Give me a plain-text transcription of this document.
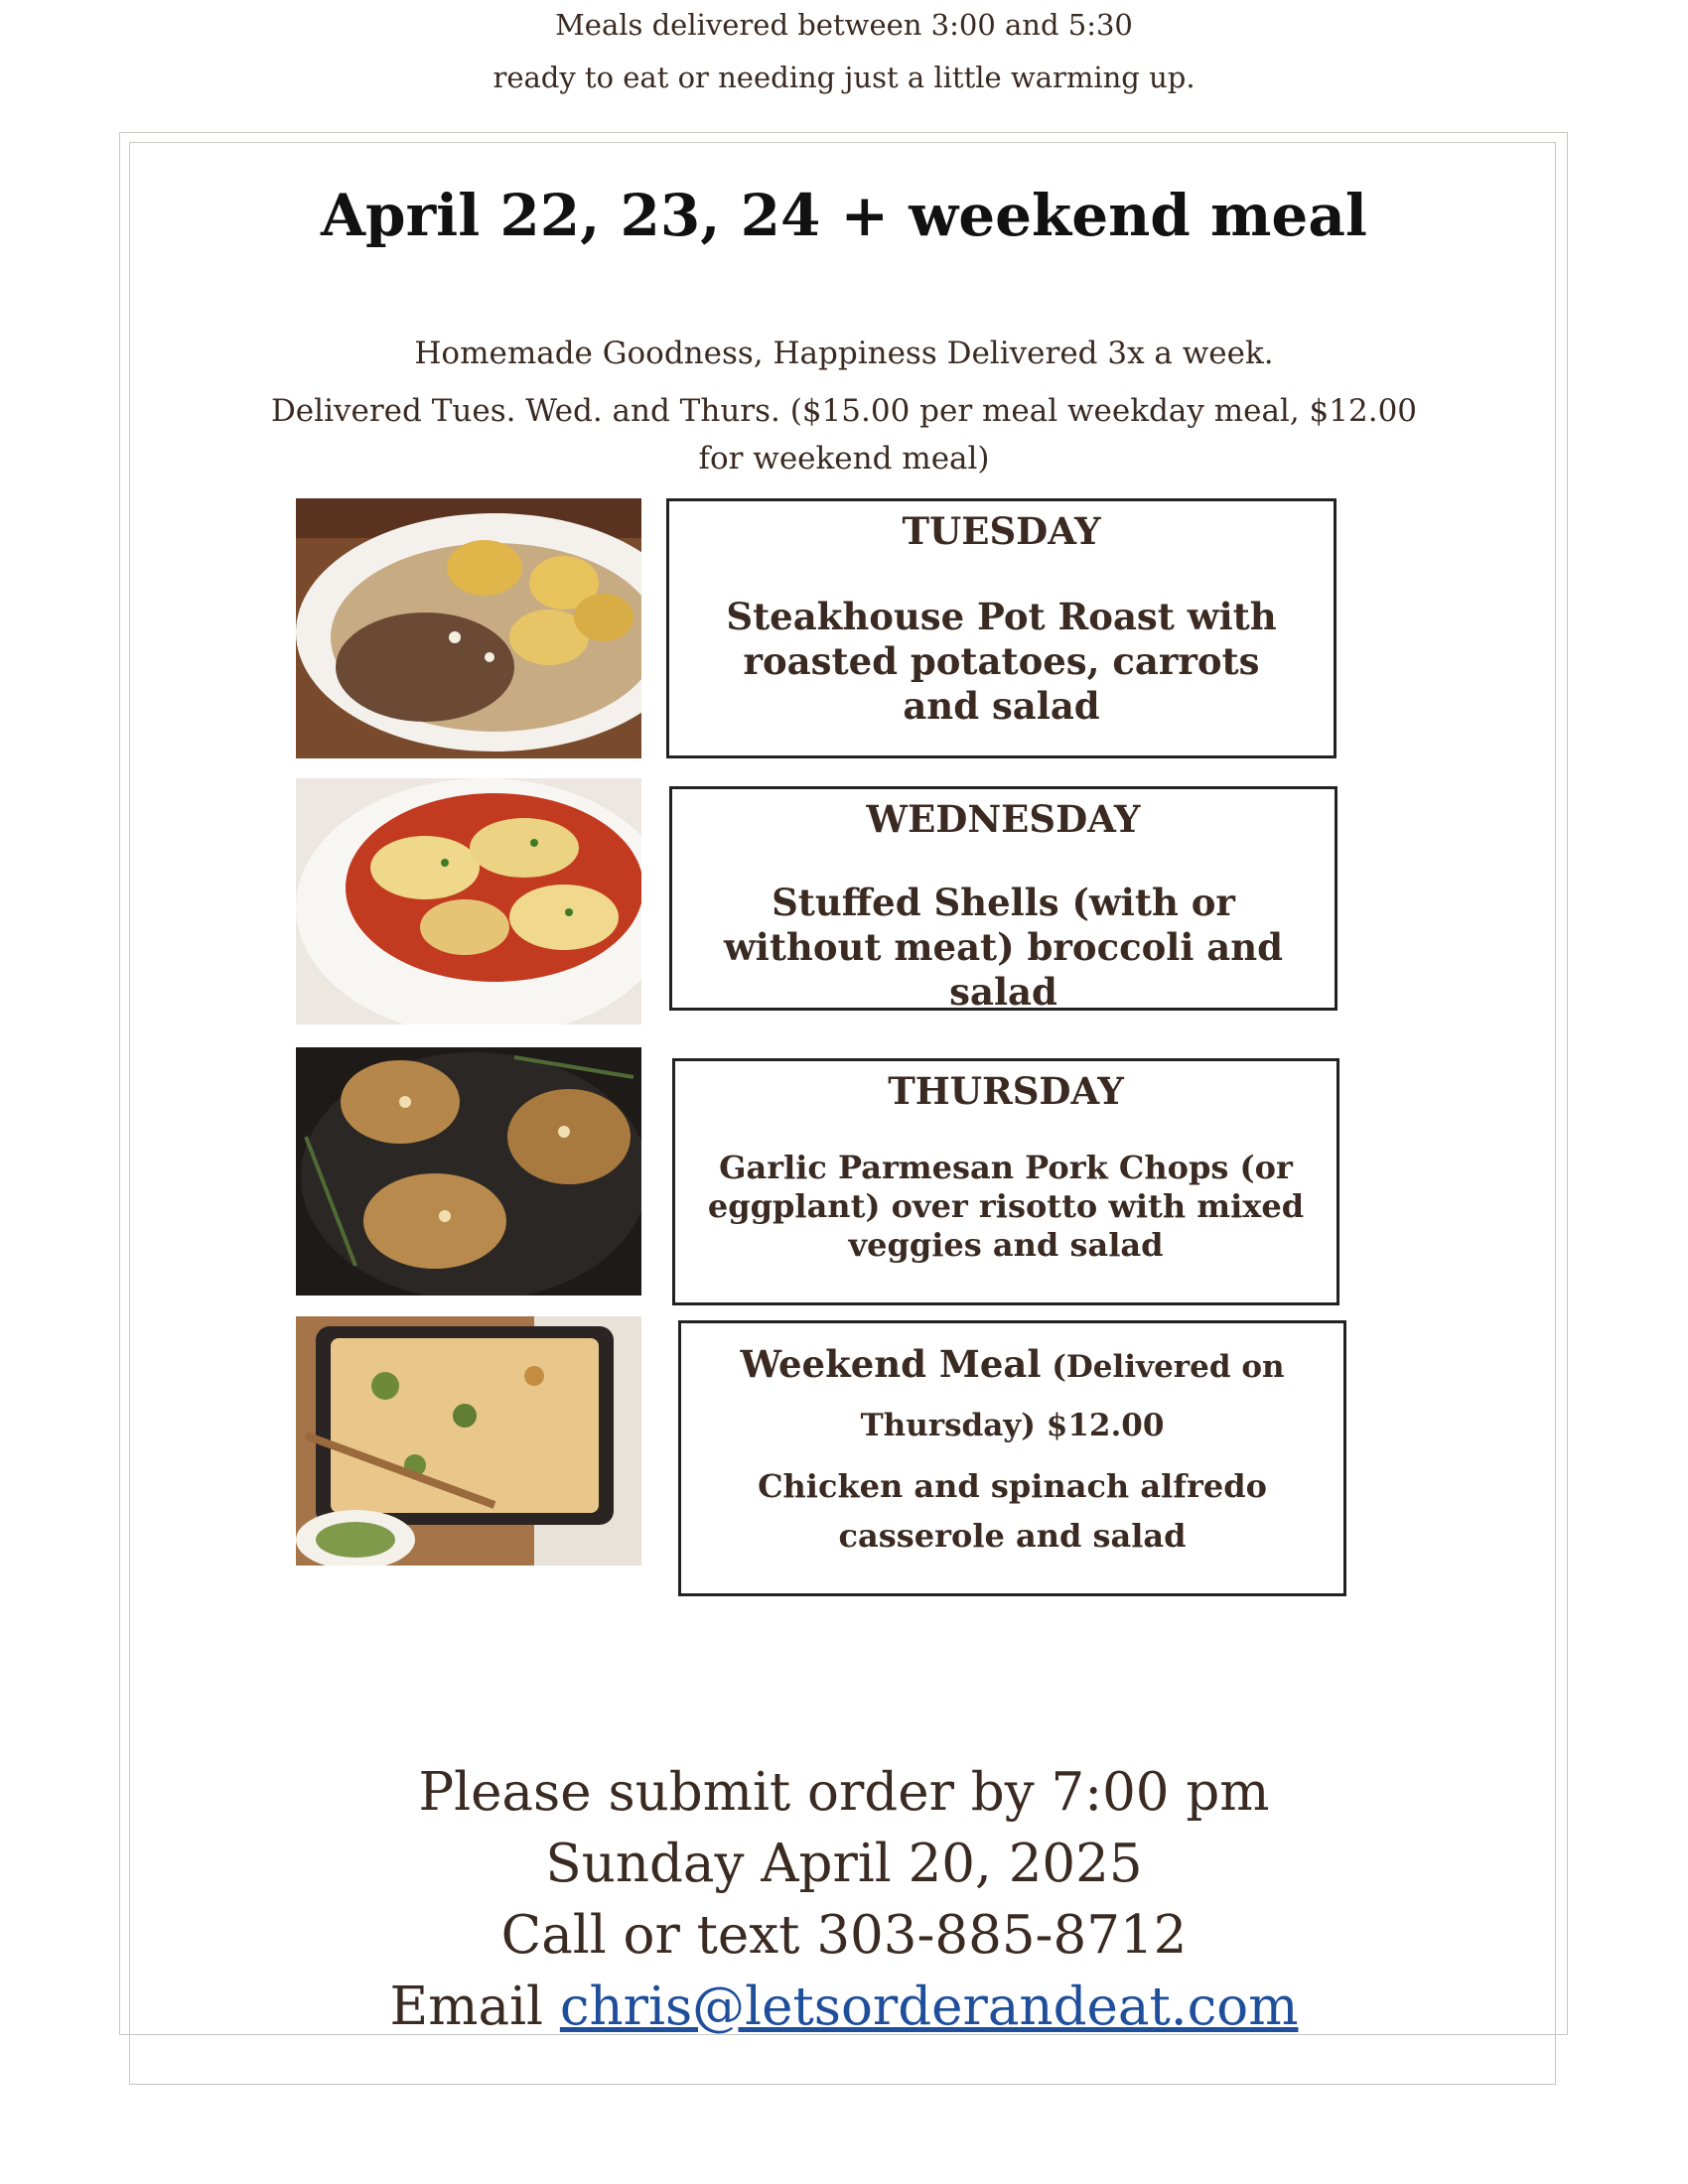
Meals delivered between 3:00 and 5:30
ready to eat or needing just a little warming up.
April 22, 23, 24 + weekend meal
Homemade Goodness, Happiness Delivered 3x a week.
Delivered Tues. Wed. and Thurs. ($15.00 per meal weekday meal, $12.00
for weekend meal)
TUESDAY
Steakhouse Pot Roast with roasted potatoes, carrots and salad
WEDNESDAY
Stuffed Shells (with or without meat) broccoli and salad
THURSDAY
Garlic Parmesan Pork Chops (or eggplant) over risotto with mixed veggies and salad
Weekend Meal (Delivered on
Thursday) $12.00
Chicken and spinach alfredo
casserole and salad
Please submit order by 7:00 pm
Sunday April 20, 2025
Call or text 303-885-8712
Email chris@letsorderandeat.com
